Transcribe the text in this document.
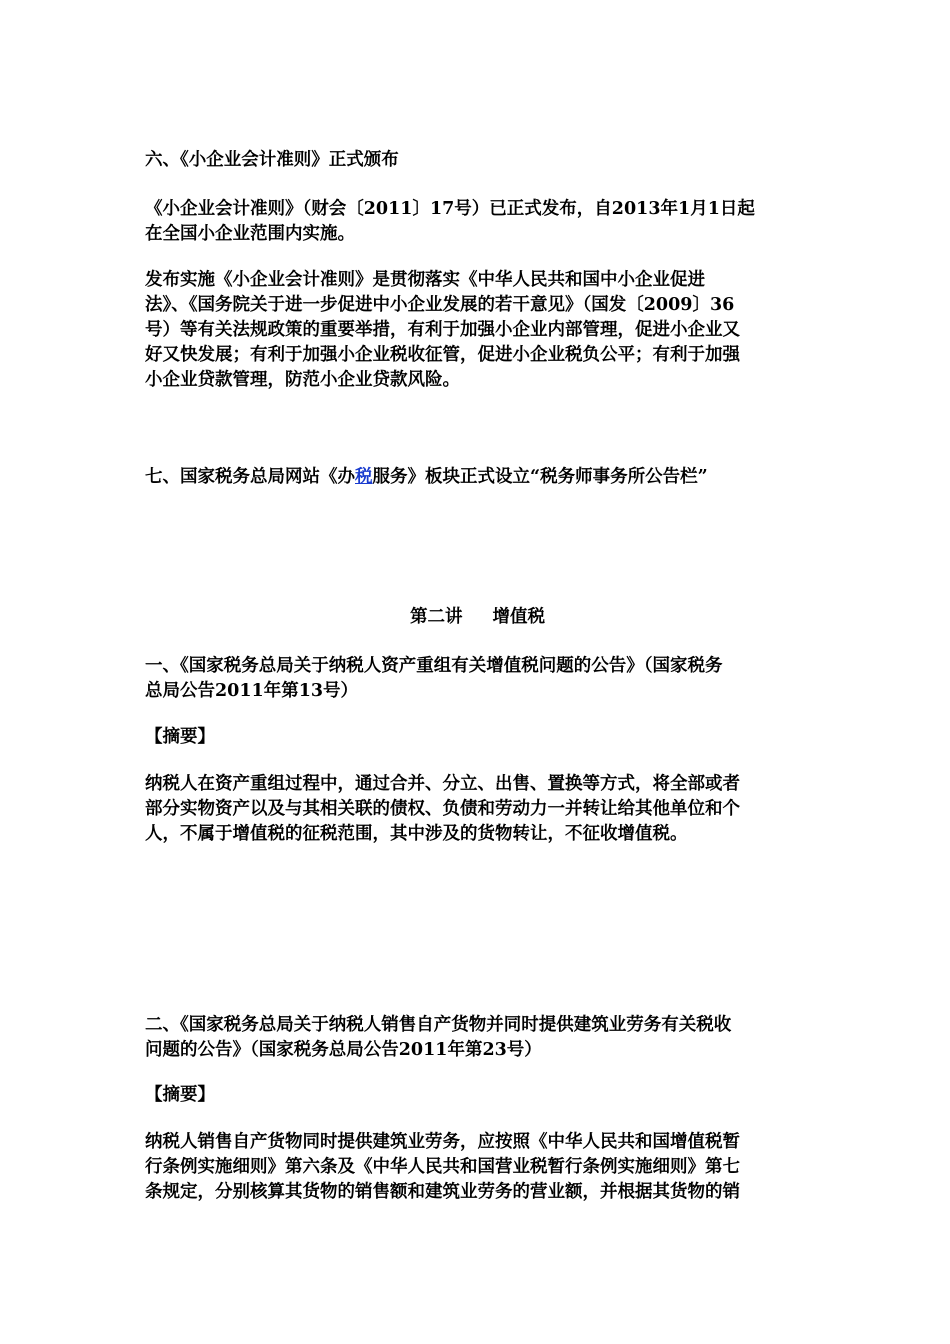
六、《小企业会计准则》正式颁布

《小企业会计准则》（财会〔2011〕17号）已正式发布，自2013年1月1日起
在全国小企业范围内实施。

发布实施《小企业会计准则》是贯彻落实《中华人民共和国中小企业促进
法》、《国务院关于进一步促进中小企业发展的若干意见》（国发〔2009〕36
号）等有关法规政策的重要举措，有利于加强小企业内部管理，促进小企业又
好又快发展；有利于加强小企业税收征管，促进小企业税负公平；有利于加强
小企业贷款管理，防范小企业贷款风险。

七、国家税务总局网站《办税服务》板块正式设立“税务师事务所公告栏”

第二讲 增值税

一、《国家税务总局关于纳税人资产重组有关增值税问题的公告》（国家税务
总局公告2011年第13号）

【摘要】

纳税人在资产重组过程中，通过合并、分立、出售、置换等方式，将全部或者
部分实物资产以及与其相关联的债权、负债和劳动力一并转让给其他单位和个
人，不属于增值税的征税范围，其中涉及的货物转让，不征收增值税。

二、《国家税务总局关于纳税人销售自产货物并同时提供建筑业劳务有关税收
问题的公告》（国家税务总局公告2011年第23号）

【摘要】

纳税人销售自产货物同时提供建筑业劳务，应按照《中华人民共和国增值税暂
行条例实施细则》第六条及《中华人民共和国营业税暂行条例实施细则》第七
条规定，分别核算其货物的销售额和建筑业劳务的营业额，并根据其货物的销
